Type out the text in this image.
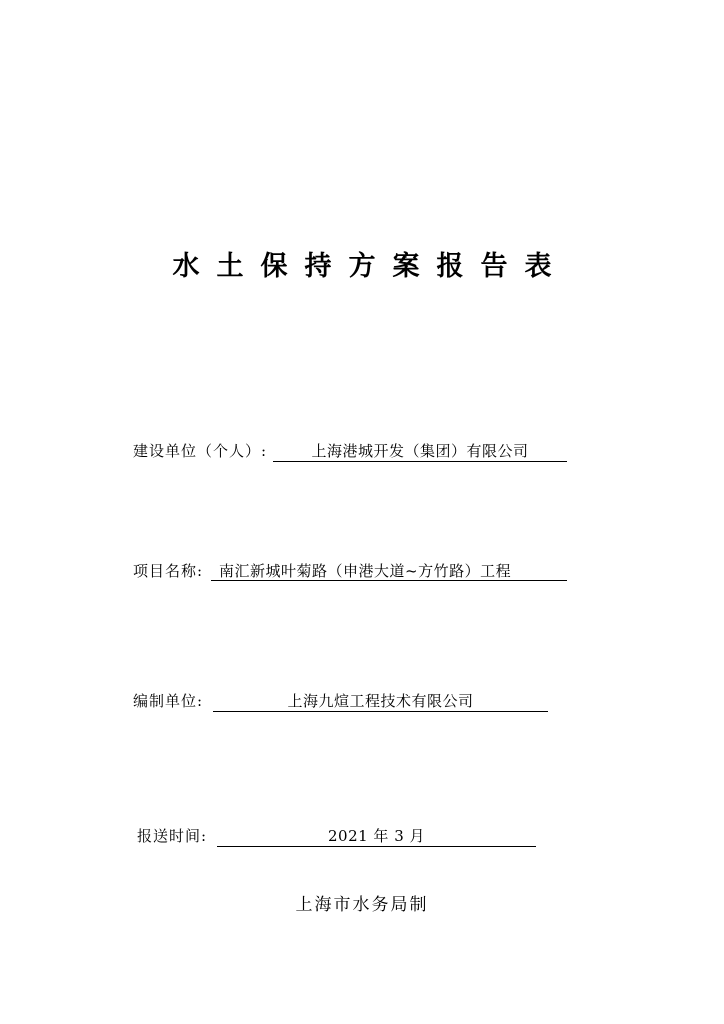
水土保持方案报告表
建设单位（个人）:	上海港城开发（集团）有限公司
项目名称:	南汇新城叶菊路（申港大道~方竹路）工程
编制单位:	上海九煊工程技术有限公司
报送时间:	2021 年 3 月
上海市水务局制
